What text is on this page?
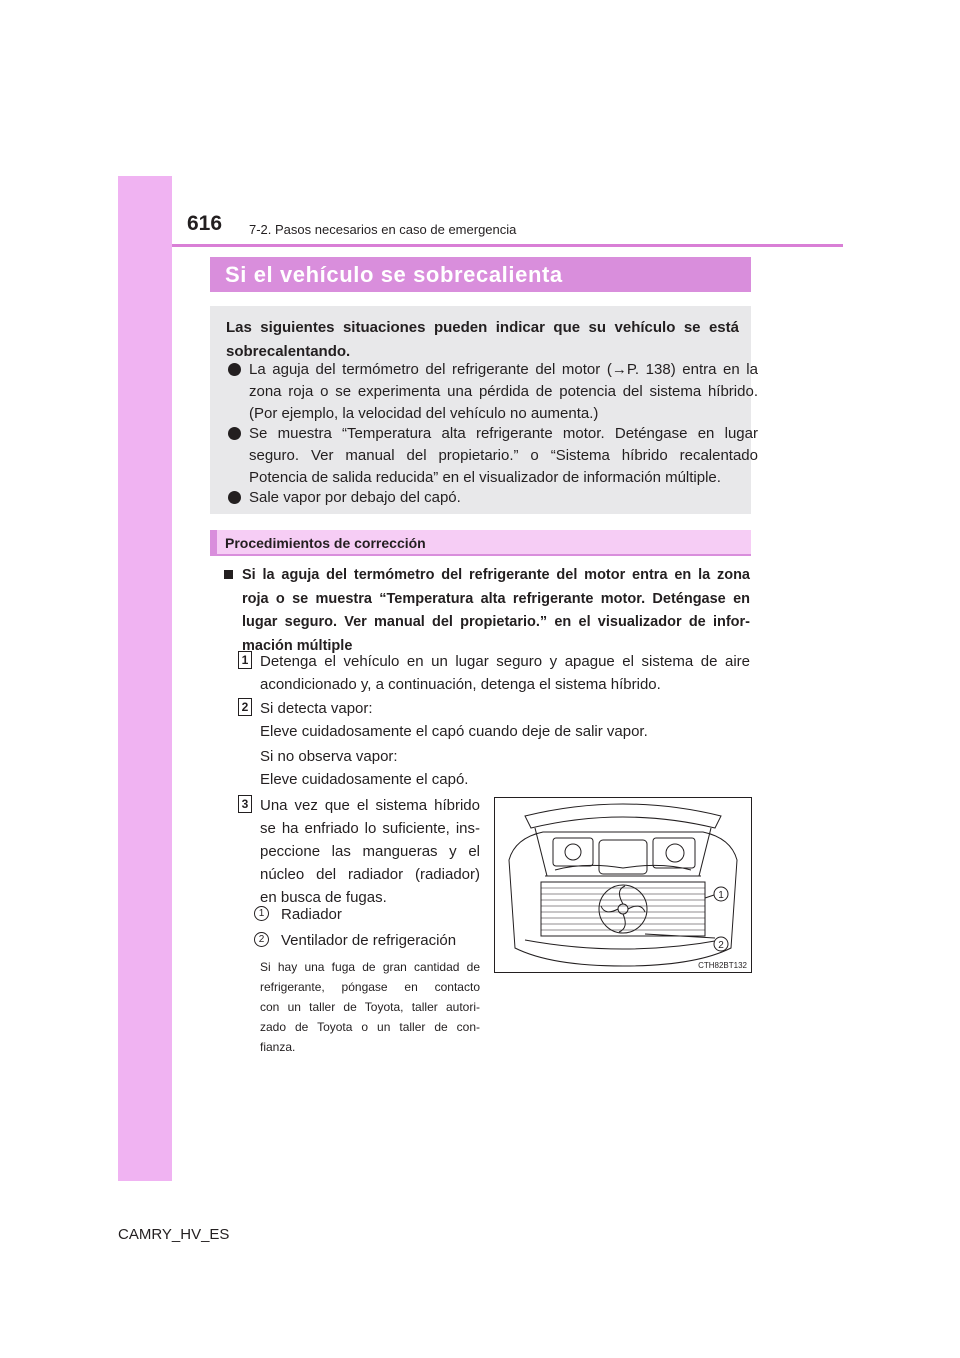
616 7-2. Pasos necesarios en caso de emergencia
Si el vehículo se sobrecalienta
Las siguientes situaciones pueden indicar que su vehículo se está
sobrecalentando.
La aguja del termómetro del refrigerante del motor (→P. 138) entra en la
zona roja o se experimenta una pérdida de potencia del sistema híbrido.
(Por ejemplo, la velocidad del vehículo no aumenta.)
Se muestra “Temperatura alta refrigerante motor. Deténgase en lugar
seguro. Ver manual del propietario.” o “Sistema híbrido recalentado
Potencia de salida reducida” en el visualizador de información múltiple.
Sale vapor por debajo del capó.
Procedimientos de corrección
Si la aguja del termómetro del refrigerante del motor entra en la zona
roja o se muestra “Temperatura alta refrigerante motor. Deténgase en
lugar seguro. Ver manual del propietario.” en el visualizador de infor-
mación múltiple
1 Detenga el vehículo en un lugar seguro y apague el sistema de aire
acondicionado y, a continuación, detenga el sistema híbrido.
2 Si detecta vapor:
Eleve cuidadosamente el capó cuando deje de salir vapor.
Si no observa vapor:
Eleve cuidadosamente el capó.
3 Una vez que el sistema híbrido
se ha enfriado lo suficiente, ins-
peccione las mangueras y el
núcleo del radiador (radiador)
en busca de fugas.
1	Radiador
2	Ventilador de refrigeración
Si hay una fuga de gran cantidad de
refrigerante, póngase en contacto
con un taller de Toyota, taller autori-
zado de Toyota o un taller de con-
fianza.
1
2
CTH82BT132
CAMRY_HV_ES
